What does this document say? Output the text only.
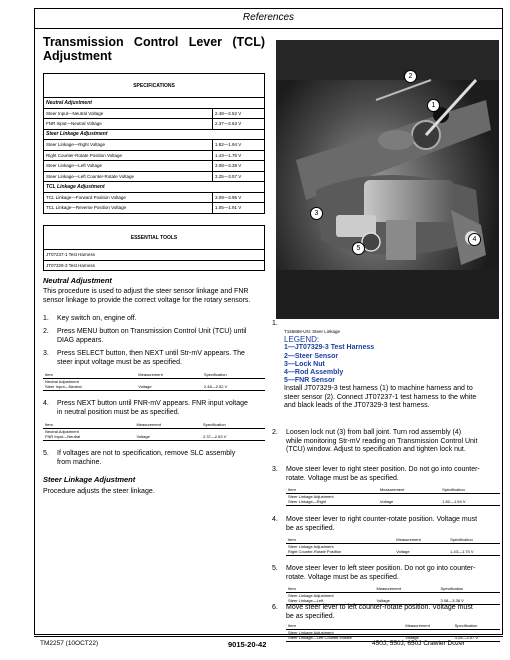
References
Transmission Control Lever (TCL)
Adjustment
SPECIFICATIONS	
Neutral Adjustment	
Steer Input—Neutral Voltage	2.48—2.52 V
FNR Input—Neutral Voltage	2.37—2.63 V
Steer Linkage Adjustment	
Steer Linkage—Right Voltage	1.82—1.94 V
Right Counter-Rotate Position Voltage	1.43—1.75 V
Steer Linkage—Left Voltage	3.08—3.38 V
Steer Linkage—Left Counter-Rotate Voltage	3.25—3.57 V
TCL Linkage Adjustment	
TCL Linkage—Forward Position Voltage	3.09—3.95 V
TCL Linkage—Reverse Position Voltage	1.05—1.91 V
ESSENTIAL TOOLS
JT07237-1 Test Harness
JT07329-3 Test Harness
Neutral Adjustment
This procedure is used to adjust the steer sensor linkage and FNR
sensor linkage to provide the correct voltage for the rotary sensors.
1. Key switch on, engine off.
2. Press MENU button on Transmission Control Unit (TCU) until
DIAG appears.
3. Press SELECT button, then NEXT until Str-mV appears. The
steer input voltage must be as specified.
Item	Measurement	Specification
Neutral Adjustment		
Steer Input—Neutral	Voltage	2.48—2.52 V
4. Press NEXT button until FNR-mV appears. FNR input voltage
in neutral position must be as specified.
Item	Measurement	Specification
Neutral Adjustment		
FNR Input—Neutral	Voltage	2.37—2.63 V
5. If voltages are not to specification, remove SLC assembly
from machine.
Steer Linkage Adjustment
Procedure adjusts the steer linkage.
1
2
3
4
5
1.
T155868-UN: Steer Linkage
LEGEND:
1—JT07329-3 Test Harness
2—Steer Sensor
3—Lock Nut
4—Rod Assembly
5—FNR Sensor
Install JT07329-3 test harness (1) to machine harness and to
steer sensor (2). Connect JT07237-1 test harness to the white
and black leads of the JT07329-3 test harness.
2. Loosen lock nut (3) from ball joint. Turn rod assembly (4)
while monitoring Str-mV reading on Transmission Control Unit
(TCU) window. Adjust to specification and tighten lock nut.
3. Move steer lever to right steer position. Do not go into counter-
rotate. Voltage must be as specified.
Item	Measurement	Specification
Steer Linkage Adjustment		
Steer Linkage—Right	Voltage	1.82—1.94 V
4. Move steer lever to right counter-rotate position. Voltage must
be as specified.
Item	Measurement	Specification
Steer Linkage Adjustment		
Right Counter-Rotate Position	Voltage	1.43—1.75 V
5. Move steer lever to left steer position. Do not go into counter-
rotate. Voltage must be as specified.
Item	Measurement	Specification
Steer Linkage Adjustment		
Steer Linkage—Left	Voltage	3.08—3.38 V
6. Move steer lever to left counter-rotate position. Voltage must
be as specified.
Item	Measurement	Specification
Steer Linkage Adjustment		
Steer Linkage—Left Counter-Rotate	Voltage	3.25—3.57 V
TM2257 (10OCT22)	9015-20-42	450J, 550J, 650J Crawler Dozer
